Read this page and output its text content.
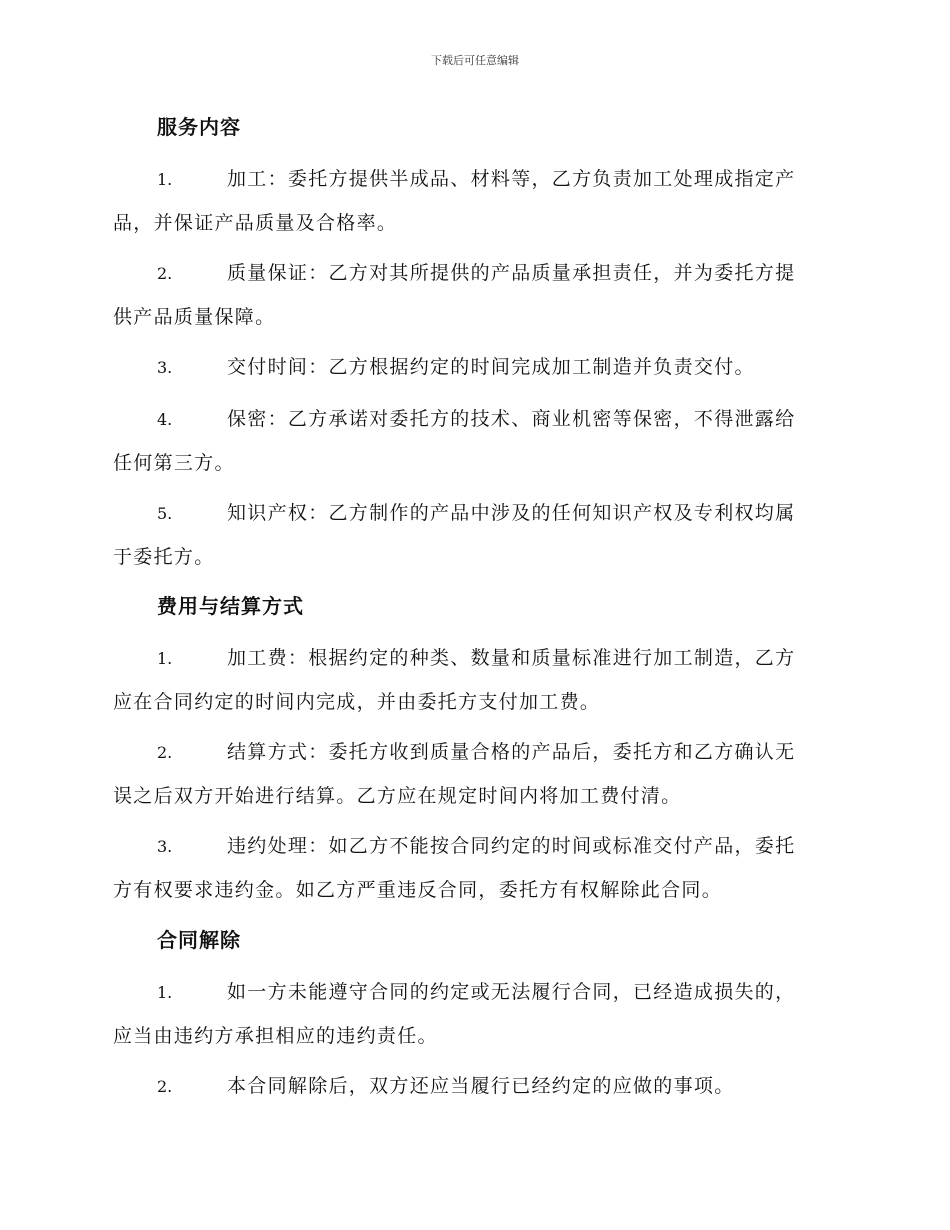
下载后可任意编辑
服务内容
1.	加工：委托方提供半成品、材料等，乙方负责加工处理成指定产
品，并保证产品质量及合格率。
2.	质量保证：乙方对其所提供的产品质量承担责任，并为委托方提
供产品质量保障。
3.	交付时间：乙方根据约定的时间完成加工制造并负责交付。
4.	保密：乙方承诺对委托方的技术、商业机密等保密，不得泄露给
任何第三方。
5.	知识产权：乙方制作的产品中涉及的任何知识产权及专利权均属
于委托方。
费用与结算方式
1.	加工费：根据约定的种类、数量和质量标准进行加工制造，乙方
应在合同约定的时间内完成，并由委托方支付加工费。
2.	结算方式：委托方收到质量合格的产品后，委托方和乙方确认无
误之后双方开始进行结算。乙方应在规定时间内将加工费付清。
3.	违约处理：如乙方不能按合同约定的时间或标准交付产品，委托
方有权要求违约金。如乙方严重违反合同，委托方有权解除此合同。
合同解除
1.	如一方未能遵守合同的约定或无法履行合同，已经造成损失的，
应当由违约方承担相应的违约责任。
2.	本合同解除后，双方还应当履行已经约定的应做的事项。
